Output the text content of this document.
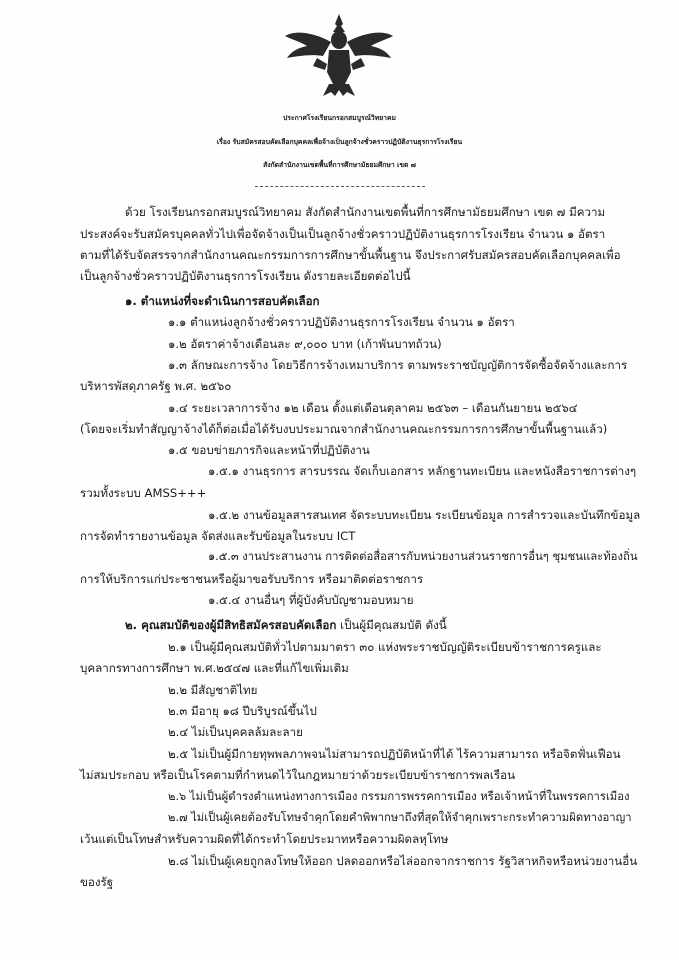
ประกาศโรงเรียนกรอกสมบูรณ์วิทยาคม
เรื่อง รับสมัครสอบคัดเลือกบุคคลเพื่อจ้างเป็นลูกจ้างชั่วคราวปฏิบัติงานธุรการโรงเรียน
สังกัดสำนักงานเขตพื้นที่การศึกษามัธยมศึกษา เขต ๗
ด้วย โรงเรียนกรอกสมบูรณ์วิทยาคม สังกัดสำนักงานเขตพื้นที่การศึกษามัธยมศึกษา เขต ๗ มีความ
ประสงค์จะรับสมัครบุคคลทั่วไปเพื่อจัดจ้างเป็นเป็นลูกจ้างชั่วคราวปฏิบัติงานธุรการโรงเรียน จำนวน ๑ อัตรา
ตามที่ได้รับจัดสรรจากสำนักงานคณะกรรมการการศึกษาขั้นพื้นฐาน จึงประกาศรับสมัครสอบคัดเลือกบุคคลเพื่อ
เป็นลูกจ้างชั่วคราวปฏิบัติงานธุรการโรงเรียน ดังรายละเอียดต่อไปนี้
๑. ตำแหน่งที่จะดำเนินการสอบคัดเลือก
๑.๑ ตำแหน่งลูกจ้างชั่วคราวปฏิบัติงานธุรการโรงเรียน จำนวน ๑ อัตรา
๑.๒ อัตราค่าจ้างเดือนละ ๙,๐๐๐ บาท (เก้าพันบาทถ้วน)
๑.๓ ลักษณะการจ้าง โดยวิธีการจ้างเหมาบริการ ตามพระราชบัญญัติการจัดซื้อจัดจ้างและการ
บริหารพัสดุภาครัฐ พ.ศ. ๒๕๖๐
๑.๔ ระยะเวลาการจ้าง ๑๒ เดือน ตั้งแต่เดือนตุลาคม ๒๕๖๓ – เดือนกันยายน ๒๕๖๔
(โดยจะเริ่มทำสัญญาจ้างได้ก็ต่อเมื่อได้รับงบประมาณจากสำนักงานคณะกรรมการการศึกษาขั้นพื้นฐานแล้ว)
๑.๕ ขอบข่ายภารกิจและหน้าที่ปฏิบัติงาน
๑.๕.๑ งานธุรการ สารบรรณ จัดเก็บเอกสาร หลักฐานทะเบียน และหนังสือราชการต่างๆ
รวมทั้งระบบ AMSS+++
๑.๕.๒ งานข้อมูลสารสนเทศ จัดระบบทะเบียน ระเบียนข้อมูล การสำรวจและบันทึกข้อมูล
การจัดทำรายงานข้อมูล จัดส่งและรับข้อมูลในระบบ ICT
๑.๕.๓ งานประสานงาน การติดต่อสื่อสารกับหน่วยงานส่วนราชการอื่นๆ ชุมชนและท้องถิ่น
การให้บริการแก่ประชาชนหรือผู้มาขอรับบริการ หรือมาติดต่อราชการ
๑.๕.๔ งานอื่นๆ ที่ผู้บังคับบัญชามอบหมาย
๒. คุณสมบัติของผู้มีสิทธิสมัครสอบคัดเลือก เป็นผู้มีคุณสมบัติ ดังนี้
๒.๑ เป็นผู้มีคุณสมบัติทั่วไปตามมาตรา ๓๐ แห่งพระราชบัญญัติระเบียบข้าราชการครูและ
บุคลากรทางการศึกษา พ.ศ.๒๕๔๗ และที่แก้ไขเพิ่มเติม
๒.๒ มีสัญชาติไทย
๒.๓ มีอายุ ๑๘ ปีบริบูรณ์ขึ้นไป
๒.๔ ไม่เป็นบุคคลล้มละลาย
๒.๕ ไม่เป็นผู้มีกายทุพพลภาพจนไม่สามารถปฏิบัติหน้าที่ได้ ไร้ความสามารถ หรือจิตฟั่นเฟือน
ไม่สมประกอบ หรือเป็นโรคตามที่กำหนดไว้ในกฎหมายว่าด้วยระเบียบข้าราชการพลเรือน
๒.๖ ไม่เป็นผู้ดำรงตำแหน่งทางการเมือง กรรมการพรรคการเมือง หรือเจ้าหน้าที่ในพรรคการเมือง
๒.๗ ไม่เป็นผู้เคยต้องรับโทษจำคุกโดยคำพิพากษาถึงที่สุดให้จำคุกเพราะกระทำความผิดทางอาญา
เว้นแต่เป็นโทษสำหรับความผิดที่ได้กระทำโดยประมาทหรือความผิดลหุโทษ
๒.๘ ไม่เป็นผู้เคยถูกลงโทษให้ออก ปลดออกหรือไล่ออกจากราชการ รัฐวิสาหกิจหรือหน่วยงานอื่น
ของรัฐ
